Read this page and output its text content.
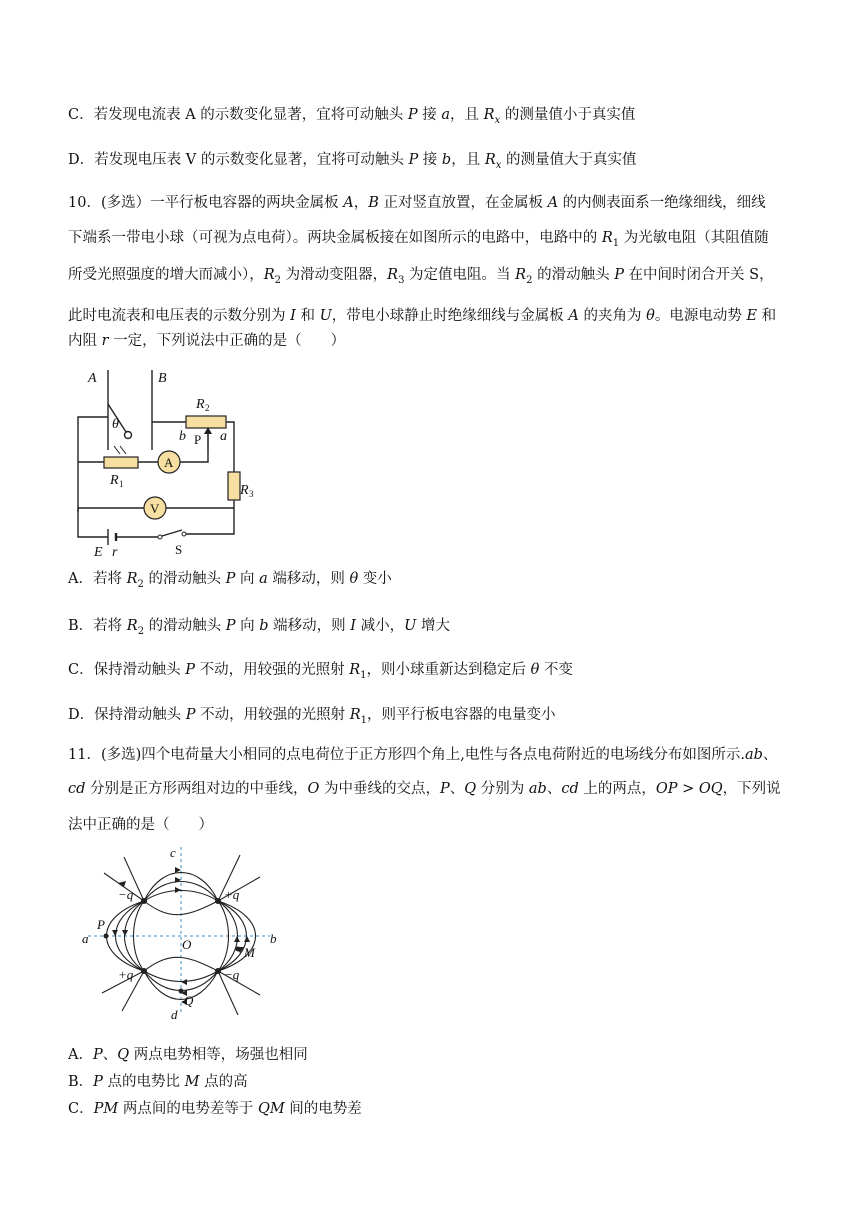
C．若发现电流表 A 的示数变化显著，宜将可动触头 P 接 a，且 $R_x$ 的测量值小于真实值
D．若发现电压表 V 的示数变化显著，宜将可动触头 P 接 b，且 $R_x$ 的测量值大于真实值
10．(多选）一平行板电容器的两块金属板 A，B 正对竖直放置，在金属板 A 的内侧表面系一绝缘细线，细线
下端系一带电小球（可视为点电荷）。两块金属板接在如图所示的电路中，电路中的 $R_1$ 为光敏电阻（其阻值随
所受光照强度的增大而减小），$R_2$ 为滑动变阻器，$R_3$ 为定值电阻。当 $R_2$ 的滑动触头 P 在中间时闭合开关 S，
此时电流表和电压表的示数分别为 I 和 U，带电小球静止时绝缘细线与金属板 A 的夹角为 θ。电源电动势 E 和
内阻 r 一定，下列说法中正确的是（　　）
A	B
θ
R
b a
R
R
E r
2
1
3
P
A
V
S
A．若将 $R_2$ 的滑动触头 P 向 a 端移动，则 θ 变小
B．若将 $R_2$ 的滑动触头 P 向 b 端移动，则 I 减小，U 增大
C．保持滑动触头 P 不动，用较强的光照射 $R_1$，则小球重新达到稳定后 θ 不变
D．保持滑动触头 P 不动，用较强的光照射 $R_1$，则平行板电容器的电量变小
11．(多选)四个电荷量大小相同的点电荷位于正方形四个角上,电性与各点电荷附近的电场线分布如图所示.ab、
cd 分别是正方形两组对边的中垂线，O 为中垂线的交点，P、Q 分别为 ab、cd 上的两点，OP > OQ，下列说
法中正确的是（　　）
c
d
a	b
O
P
Q
M
−q	+q
+q	−q
A．P、Q 两点电势相等，场强也相同
B．P 点的电势比 M 点的高
C．PM 两点间的电势差等于 QM 间的电势差
